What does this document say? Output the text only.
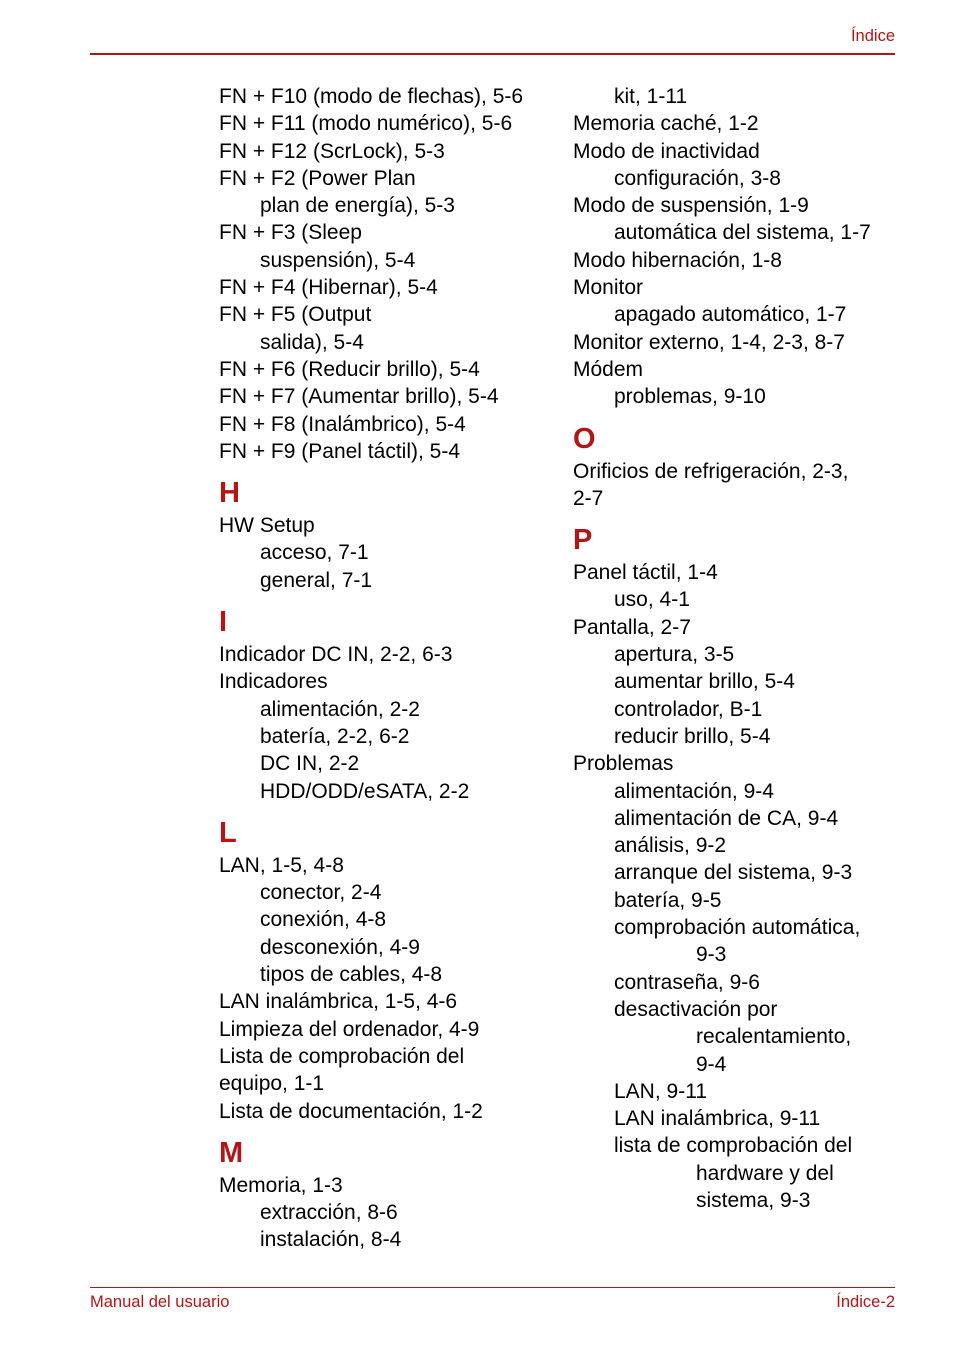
Índice
FN + F10 (modo de flechas), 5-6
FN + F11 (modo numérico), 5-6
FN + F12 (ScrLock), 5-3
FN + F2 (Power Plan
plan de energía), 5-3
FN + F3 (Sleep
suspensión), 5-4
FN + F4 (Hibernar), 5-4
FN + F5 (Output
salida), 5-4
FN + F6 (Reducir brillo), 5-4
FN + F7 (Aumentar brillo), 5-4
FN + F8 (Inalámbrico), 5-4
FN + F9 (Panel táctil), 5-4
H
HW Setup
acceso, 7-1
general, 7-1
I
Indicador DC IN, 2-2, 6-3
Indicadores
alimentación, 2-2
batería, 2-2, 6-2
DC IN, 2-2
HDD/ODD/eSATA, 2-2
L
LAN, 1-5, 4-8
conector, 2-4
conexión, 4-8
desconexión, 4-9
tipos de cables, 4-8
LAN inalámbrica, 1-5, 4-6
Limpieza del ordenador, 4-9
Lista de comprobación del
equipo, 1-1
Lista de documentación, 1-2
M
Memoria, 1-3
extracción, 8-6
instalación, 8-4
kit, 1-11
Memoria caché, 1-2
Modo de inactividad
configuración, 3-8
Modo de suspensión, 1-9
automática del sistema, 1-7
Modo hibernación, 1-8
Monitor
apagado automático, 1-7
Monitor externo, 1-4, 2-3, 8-7
Módem
problemas, 9-10
O
Orificios de refrigeración, 2-3,
2-7
P
Panel táctil, 1-4
uso, 4-1
Pantalla, 2-7
apertura, 3-5
aumentar brillo, 5-4
controlador, B-1
reducir brillo, 5-4
Problemas
alimentación, 9-4
alimentación de CA, 9-4
análisis, 9-2
arranque del sistema, 9-3
batería, 9-5
comprobación automática,
9-3
contraseña, 9-6
desactivación por
recalentamiento,
9-4
LAN, 9-11
LAN inalámbrica, 9-11
lista de comprobación del
hardware y del
sistema, 9-3
Manual del usuario	Índice-2
